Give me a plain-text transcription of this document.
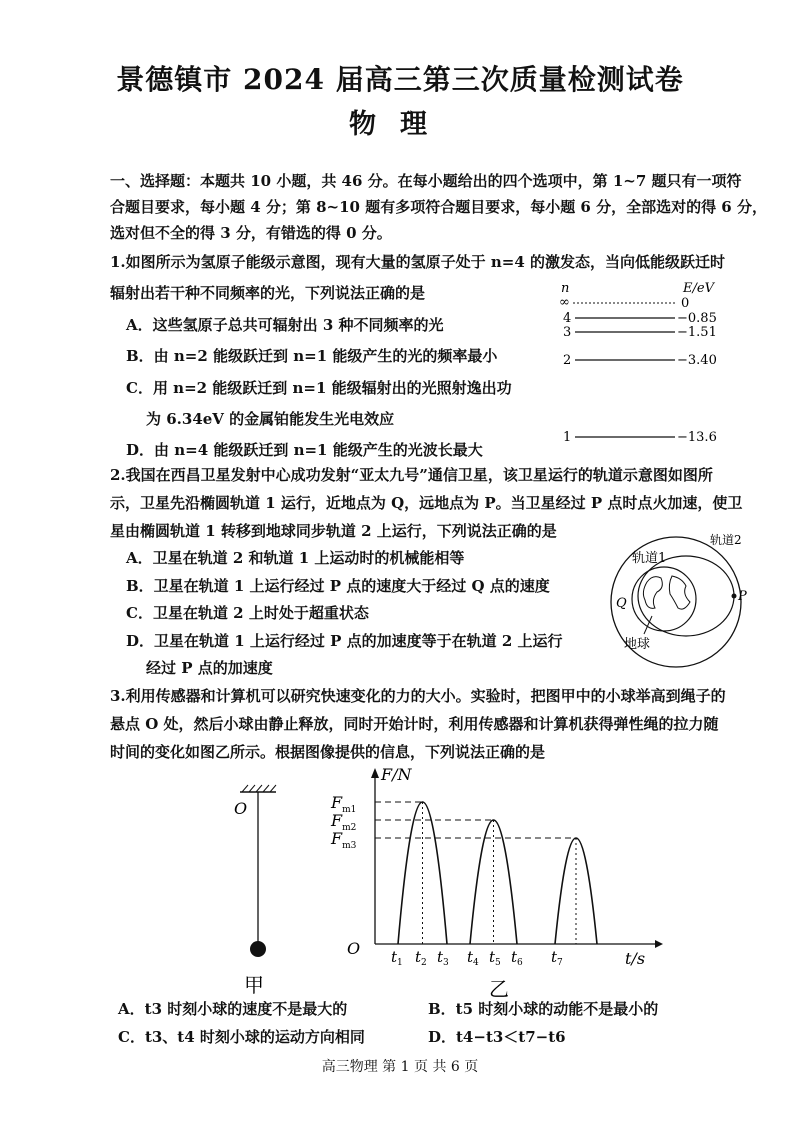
景德镇市 2024 届高三第三次质量检测试卷
物理
一、选择题：本题共 10 小题，共 46 分。在每小题给出的四个选项中，第 1~7 题只有一项符
合题目要求，每小题 4 分；第 8~10 题有多项符合题目要求，每小题 6 分，全部选对的得 6 分，
选对但不全的得 3 分，有错选的得 0 分。
1.如图所示为氢原子能级示意图，现有大量的氢原子处于 n=4 的激发态，当向低能级跃迁时
辐射出若干种不同频率的光，下列说法正确的是
A．这些氢原子总共可辐射出 3 种不同频率的光
B．由 n=2 能级跃迁到 n=1 能级产生的光的频率最小
C．用 n=2 能级跃迁到 n=1 能级辐射出的光照射逸出功
为 6.34eV 的金属铂能发生光电效应
D．由 n=4 能级跃迁到 n=1 能级产生的光波长最大
n	E/eV
∞	0
4	−0.85
3	−1.51
2	−3.40
1	−13.6
2.我国在西昌卫星发射中心成功发射“亚太九号”通信卫星，该卫星运行的轨道示意图如图所
示，卫星先沿椭圆轨道 1 运行，近地点为 Q，远地点为 P。当卫星经过 P 点时点火加速，使卫
星由椭圆轨道 1 转移到地球同步轨道 2 上运行，下列说法正确的是
A．卫星在轨道 2 和轨道 1 上运动时的机械能相等
B．卫星在轨道 1 上运行经过 P 点的速度大于经过 Q 点的速度
C．卫星在轨道 2 上时处于超重状态
D．卫星在轨道 1 上运行经过 P 点的加速度等于在轨道 2 上运行
经过 P 点的加速度
轨道2
轨道1
Q	P
地球
3.利用传感器和计算机可以研究快速变化的力的大小。实验时，把图甲中的小球举高到绳子的
悬点 O 处，然后小球由静止释放，同时开始计时，利用传感器和计算机获得弹性绳的拉力随
时间的变化如图乙所示。根据图像提供的信息，下列说法正确的是
O
甲
F/N
t/s
O
$F_{m1}$
$F_{m2}$
$F_{m3}$
$t_1$ $t_2$ $t_3$ $t_4$ $t_5$ $t_6$ $t_7$
乙
A．t3 时刻小球的速度不是最大的	B．t5 时刻小球的动能不是最小的
C．t3、t4 时刻小球的运动方向相同	D．t4−t3＜t7−t6
高三物理 第 1 页 共 6 页
